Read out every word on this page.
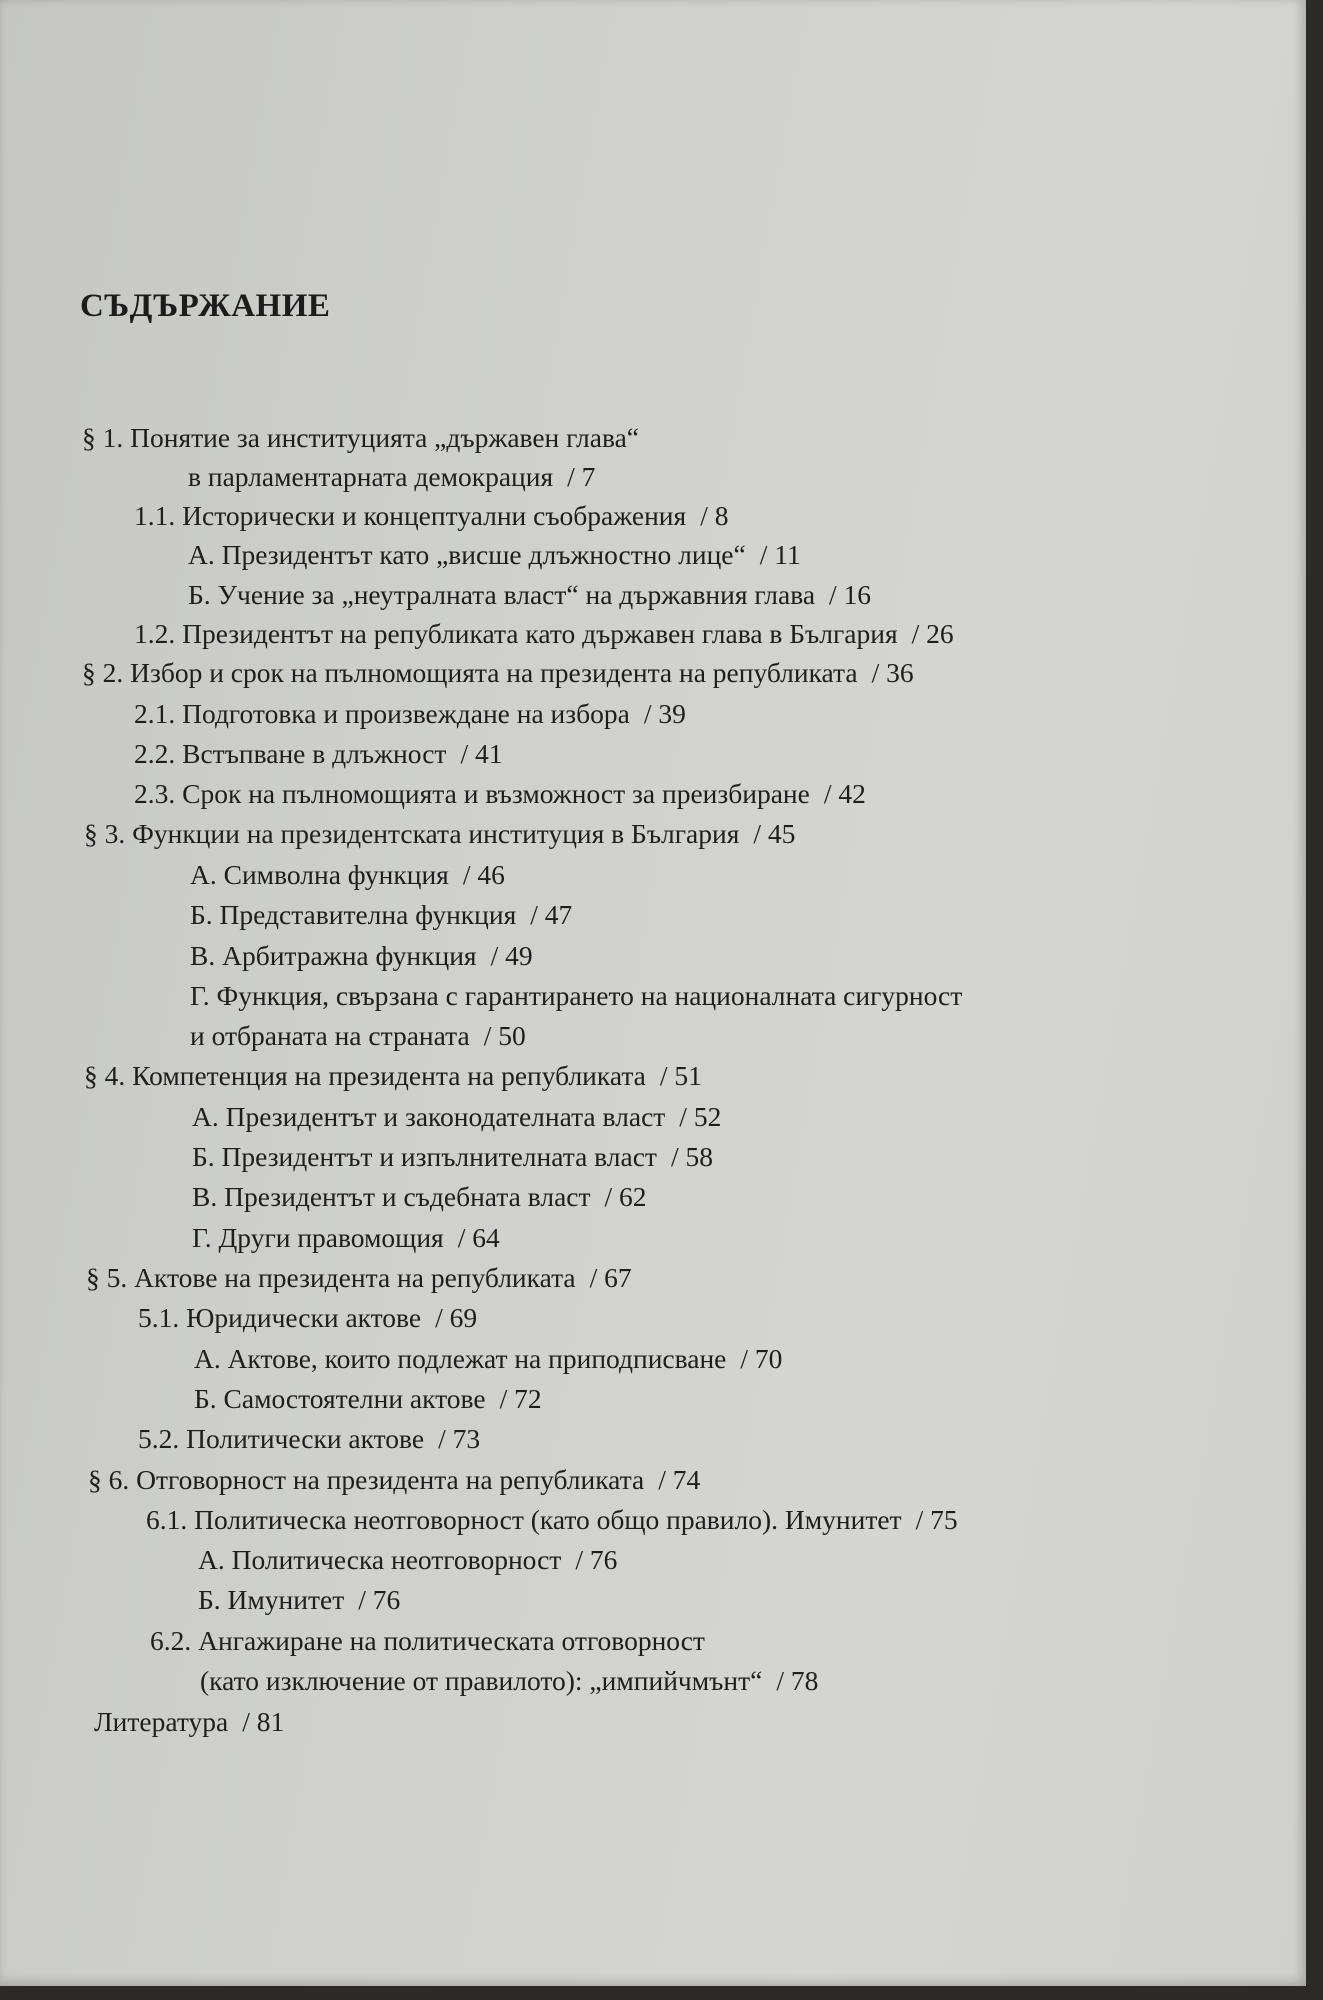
СЪДЪРЖАНИЕ
§ 1. Понятие за институцията „държавен глава“
в парламентарната демокрация / 7
1.1. Исторически и концептуални съображения / 8
А. Президентът като „висше длъжностно лице“ / 11
Б. Учение за „неутралната власт“ на държавния глава / 16
1.2. Президентът на републиката като държавен глава в България / 26
§ 2. Избор и срок на пълномощията на президента на републиката / 36
2.1. Подготовка и произвеждане на избора / 39
2.2. Встъпване в длъжност / 41
2.3. Срок на пълномощията и възможност за преизбиране / 42
§ 3. Функции на президентската институция в България / 45
А. Символна функция / 46
Б. Представителна функция / 47
В. Арбитражна функция / 49
Г. Функция, свързана с гарантирането на националната сигурност
и отбраната на страната / 50
§ 4. Компетенция на президента на републиката / 51
А. Президентът и законодателната власт / 52
Б. Президентът и изпълнителната власт / 58
В. Президентът и съдебната власт / 62
Г. Други правомощия / 64
§ 5. Актове на президента на републиката / 67
5.1. Юридически актове / 69
А. Актове, които подлежат на приподписване / 70
Б. Самостоятелни актове / 72
5.2. Политически актове / 73
§ 6. Отговорност на президента на републиката / 74
6.1. Политическа неотговорност (като общо правило). Имунитет / 75
А. Политическа неотговорност / 76
Б. Имунитет / 76
6.2. Ангажиране на политическата отговорност
(като изключение от правилото): „импийчмънт“ / 78
Литература / 81
